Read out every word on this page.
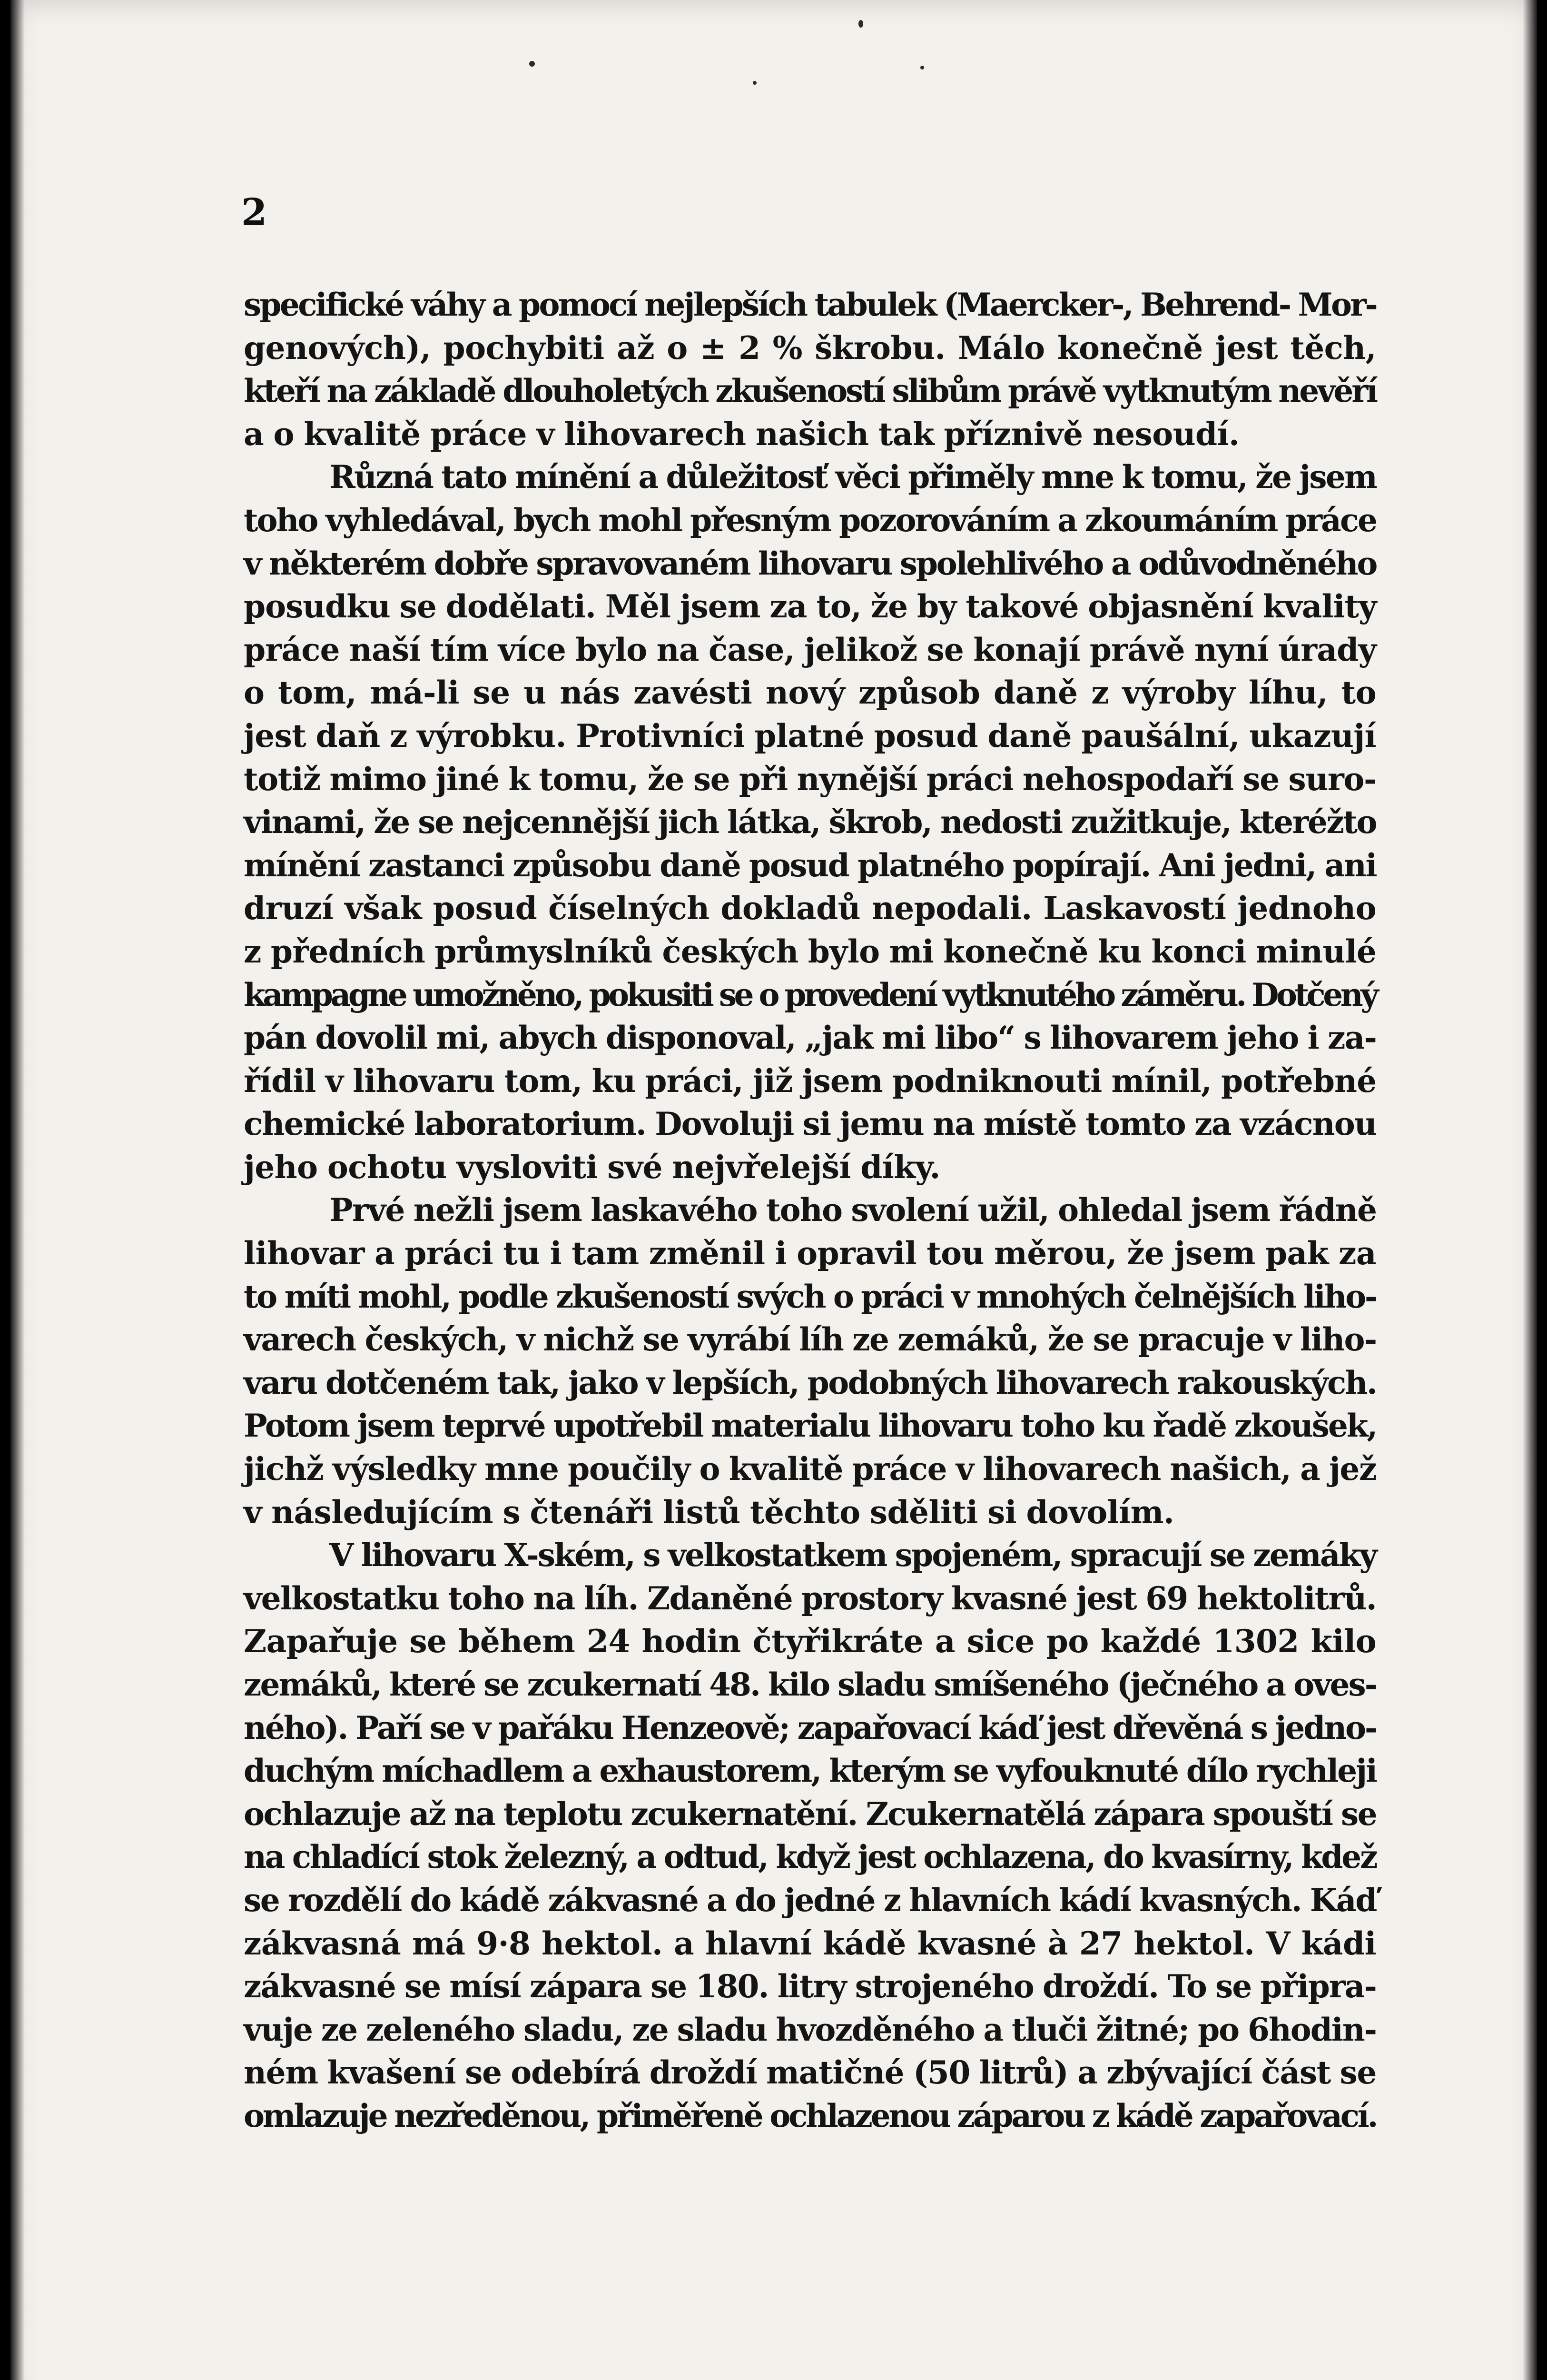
2
specifické váhy a pomocí nejlepších tabulek (Maercker-, Behrend- Mor-
genových), pochybiti až o ± 2 % škrobu. Málo konečně jest těch,
kteří na základě dlouholetých zkušeností slibům právě vytknutým nevěří
a o kvalitě práce v lihovarech našich tak příznivě nesoudí.
Různá tato mínění a důležitosť věci přiměly mne k tomu, že jsem
toho vyhledával, bych mohl přesným pozorováním a zkoumáním práce
v některém dobře spravovaném lihovaru spolehlivého a odůvodněného
posudku se dodělati. Měl jsem za to, že by takové objasnění kvality
práce naší tím více bylo na čase, jelikož se konají právě nyní úrady
o tom, má-li se u nás zavésti nový způsob daně z výroby líhu, to
jest daň z výrobku. Protivníci platné posud daně paušální, ukazují
totiž mimo jiné k tomu, že se při nynější práci nehospodaří se suro-
vinami, že se nejcennější jich látka, škrob, nedosti zužitkuje, kteréžto
mínění zastanci způsobu daně posud platného popírají. Ani jedni, ani
druzí však posud číselných dokladů nepodali. Laskavostí jednoho
z předních průmyslníků českých bylo mi konečně ku konci minulé
kampagne umožněno, pokusiti se o provedení vytknutého záměru. Dotčený
pán dovolil mi, abych disponoval, „jak mi libo“ s lihovarem jeho i za-
řídil v lihovaru tom, ku práci, již jsem podniknouti mínil, potřebné
chemické laboratorium. Dovoluji si jemu na místě tomto za vzácnou
jeho ochotu vysloviti své nejvřelejší díky.
Prvé nežli jsem laskavého toho svolení užil, ohledal jsem řádně
lihovar a práci tu i tam změnil i opravil tou měrou, že jsem pak za
to míti mohl, podle zkušeností svých o práci v mnohých čelnějších liho-
varech českých, v nichž se vyrábí líh ze zemáků, že se pracuje v liho-
varu dotčeném tak, jako v lepších, podobných lihovarech rakouských.
Potom jsem teprvé upotřebil materialu lihovaru toho ku řadě zkoušek,
jichž výsledky mne poučily o kvalitě práce v lihovarech našich, a jež
v následujícím s čtenáři listů těchto sděliti si dovolím.
V lihovaru X-ském, s velkostatkem spojeném, spracují se zemáky
velkostatku toho na líh. Zdaněné prostory kvasné jest 69 hektolitrů.
Zapařuje se během 24 hodin čtyřikráte a sice po každé 1302 kilo
zemáků, které se zcukernatí 48. kilo sladu smíšeného (ječného a oves-
ného). Paří se v pařáku Henzeově; zapařovací káď jest dřevěná s jedno-
duchým míchadlem a exhaustorem, kterým se vyfouknuté dílo rychleji
ochlazuje až na teplotu zcukernatění. Zcukernatělá zápara spouští se
na chladící stok železný, a odtud, když jest ochlazena, do kvasírny, kdež
se rozdělí do kádě zákvasné a do jedné z hlavních kádí kvasných. Káď
zákvasná má 9·8 hektol. a hlavní kádě kvasné à 27 hektol. V kádi
zákvasné se mísí zápara se 180. litry strojeného droždí. To se připra-
vuje ze zeleného sladu, ze sladu hvozděného a tluči žitné; po 6hodin-
ném kvašení se odebírá droždí matičné (50 litrů) a zbývající část se
omlazuje nezředěnou, přiměřeně ochlazenou záparou z kádě zapařovací.
